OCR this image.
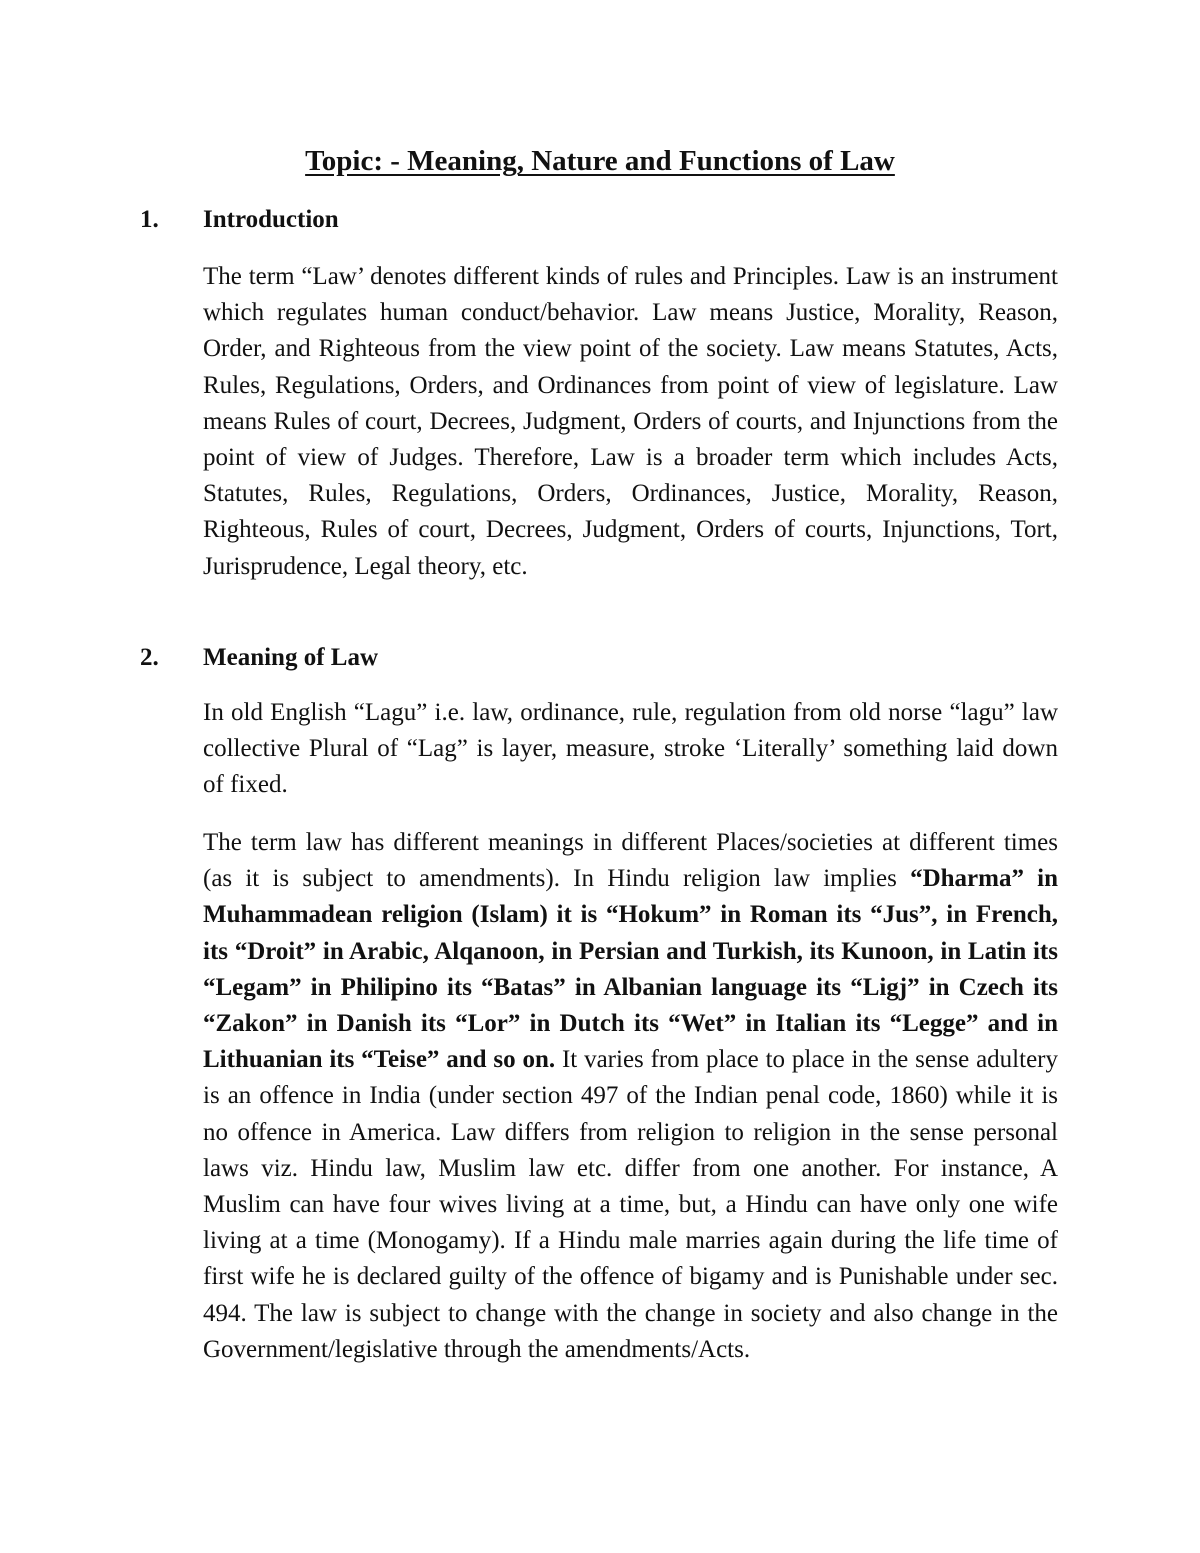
Topic: - Meaning, Nature and Functions of Law
1. Introduction

The term “Law’ denotes different kinds of rules and Principles. Law is an instrument which regulates human conduct/behavior. Law means Justice, Morality, Reason, Order, and Righteous from the view point of the society. Law means Statutes, Acts, Rules, Regulations, Orders, and Ordinances from point of view of legislature. Law means Rules of court, Decrees, Judgment, Orders of courts, and Injunctions from the point of view of Judges. Therefore, Law is a broader term which includes Acts, Statutes, Rules, Regulations, Orders, Ordinances, Justice, Morality, Reason, Righteous, Rules of court, Decrees, Judgment, Orders of courts, Injunctions, Tort, Jurisprudence, Legal theory, etc.

2. Meaning of Law

In old English “Lagu” i.e. law, ordinance, rule, regulation from old norse “lagu” law collective Plural of “Lag” is layer, measure, stroke ‘Literally’ something laid down of fixed.

The term law has different meanings in different Places/societies at different times (as it is subject to amendments). In Hindu religion law implies “Dharma” in Muhammadean religion (Islam) it is “Hokum” in Roman its “Jus”, in French, its “Droit” in Arabic, Alqanoon, in Persian and Turkish, its Kunoon, in Latin its “Legam” in Philipino its “Batas” in Albanian language its “Ligj” in Czech its “Zakon” in Danish its “Lor” in Dutch its “Wet” in Italian its “Legge” and in Lithuanian its “Teise” and so on. It varies from place to place in the sense adultery is an offence in India (under section 497 of the Indian penal code, 1860) while it is no offence in America. Law differs from religion to religion in the sense personal laws viz. Hindu law, Muslim law etc. differ from one another. For instance, A Muslim can have four wives living at a time, but, a Hindu can have only one wife living at a time (Monogamy). If a Hindu male marries again during the life time of first wife he is declared guilty of the offence of bigamy and is Punishable under sec. 494. The law is subject to change with the change in society and also change in the Government/legislative through the amendments/Acts.
